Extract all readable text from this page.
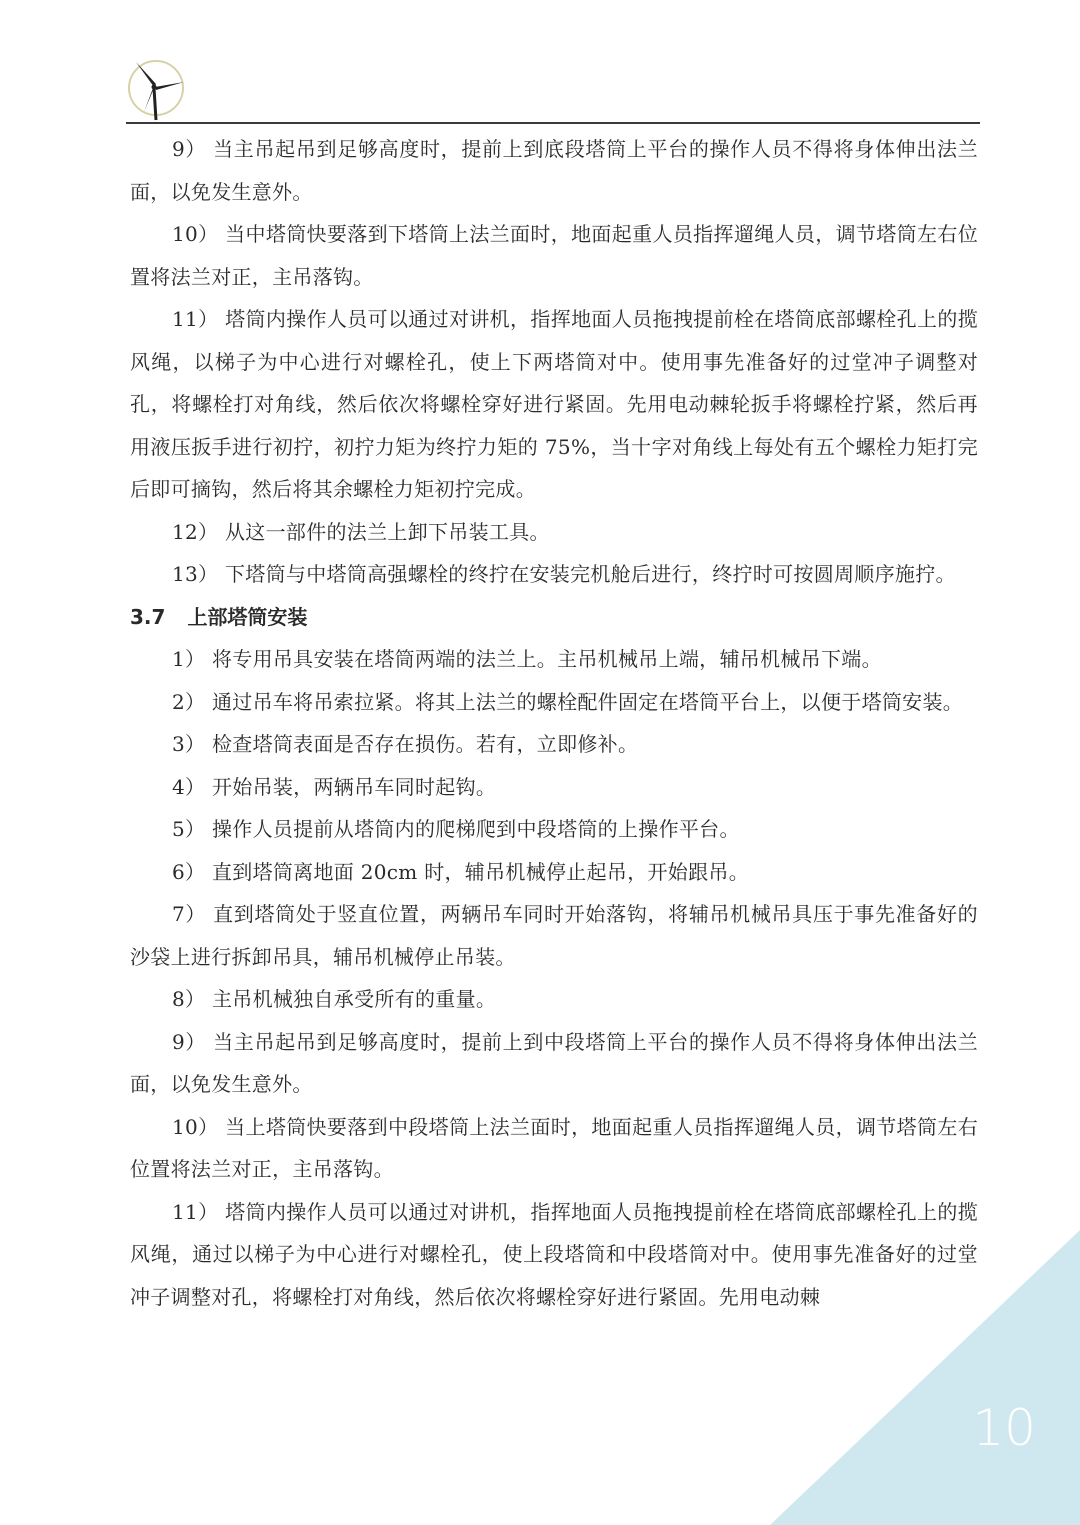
9） 当主吊起吊到足够高度时，提前上到底段塔筒上平台的操作人员不得将身体伸出法兰面，以免发生意外。

10） 当中塔筒快要落到下塔筒上法兰面时，地面起重人员指挥遛绳人员，调节塔筒左右位置将法兰对正，主吊落钩。

11） 塔筒内操作人员可以通过对讲机，指挥地面人员拖拽提前栓在塔筒底部螺栓孔上的揽风绳，以梯子为中心进行对螺栓孔，使上下两塔筒对中。使用事先准备好的过堂冲子调整对孔，将螺栓打对角线，然后依次将螺栓穿好进行紧固。先用电动棘轮扳手将螺栓拧紧，然后再用液压扳手进行初拧，初拧力矩为终拧力矩的 75%，当十字对角线上每处有五个螺栓力矩打完后即可摘钩，然后将其余螺栓力矩初拧完成。

12） 从这一部件的法兰上卸下吊装工具。

13） 下塔筒与中塔筒高强螺栓的终拧在安装完机舱后进行，终拧时可按圆周顺序施拧。

3.7 上部塔筒安装

1） 将专用吊具安装在塔筒两端的法兰上。主吊机械吊上端，辅吊机械吊下端。

2） 通过吊车将吊索拉紧。将其上法兰的螺栓配件固定在塔筒平台上，以便于塔筒安装。

3） 检查塔筒表面是否存在损伤。若有，立即修补。

4） 开始吊装，两辆吊车同时起钩。

5） 操作人员提前从塔筒内的爬梯爬到中段塔筒的上操作平台。

6） 直到塔筒离地面 20cm 时，辅吊机械停止起吊，开始跟吊。

7） 直到塔筒处于竖直位置，两辆吊车同时开始落钩，将辅吊机械吊具压于事先准备好的沙袋上进行拆卸吊具，辅吊机械停止吊装。

8） 主吊机械独自承受所有的重量。

9） 当主吊起吊到足够高度时，提前上到中段塔筒上平台的操作人员不得将身体伸出法兰面，以免发生意外。

10） 当上塔筒快要落到中段塔筒上法兰面时，地面起重人员指挥遛绳人员，调节塔筒左右位置将法兰对正，主吊落钩。

11） 塔筒内操作人员可以通过对讲机，指挥地面人员拖拽提前栓在塔筒底部螺栓孔上的揽风绳，通过以梯子为中心进行对螺栓孔，使上段塔筒和中段塔筒对中。使用事先准备好的过堂冲子调整对孔，将螺栓打对角线，然后依次将螺栓穿好进行紧固。先用电动棘

10
